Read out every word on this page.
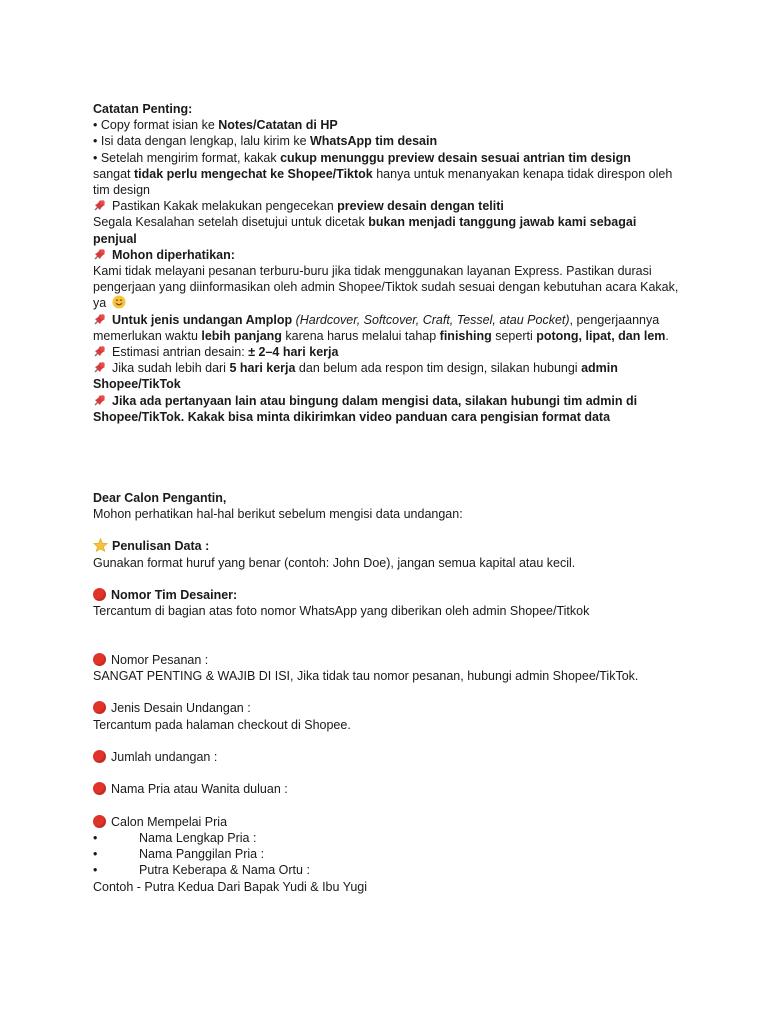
Catatan Penting:
• Copy format isian ke Notes/Catatan di HP
• Isi data dengan lengkap, lalu kirim ke WhatsApp tim desain
• Setelah mengirim format, kakak cukup menunggu preview desain sesuai antrian tim design
sangat tidak perlu mengechat ke Shopee/Tiktok hanya untuk menanyakan kenapa tidak direspon oleh tim design
Pastikan Kakak melakukan pengecekan preview desain dengan teliti
Segala Kesalahan setelah disetujui untuk dicetak bukan menjadi tanggung jawab kami sebagai penjual
Mohon diperhatikan:
Kami tidak melayani pesanan terburu-buru jika tidak menggunakan layanan Express. Pastikan durasi pengerjaan yang diinformasikan oleh admin Shopee/Tiktok sudah sesuai dengan kebutuhan acara Kakak, ya
Untuk jenis undangan Amplop (Hardcover, Softcover, Craft, Tessel, atau Pocket), pengerjaannya memerlukan waktu lebih panjang karena harus melalui tahap finishing seperti potong, lipat, dan lem.
Estimasi antrian desain: ± 2–4 hari kerja
Jika sudah lebih dari 5 hari kerja dan belum ada respon tim design, silakan hubungi admin Shopee/TikTok
Jika ada pertanyaan lain atau bingung dalam mengisi data, silakan hubungi tim admin di Shopee/TikTok. Kakak bisa minta dikirimkan video panduan cara pengisian format data
Dear Calon Pengantin,
Mohon perhatikan hal-hal berikut sebelum mengisi data undangan:
Penulisan Data :
Gunakan format huruf yang benar (contoh: John Doe), jangan semua kapital atau kecil.
Nomor Tim Desainer:
Tercantum di bagian atas foto nomor WhatsApp yang diberikan oleh admin Shopee/Titkok
Nomor Pesanan :
SANGAT PENTING & WAJIB DI ISI, Jika tidak tau nomor pesanan, hubungi admin Shopee/TikTok.
Jenis Desain Undangan :
Tercantum pada halaman checkout di Shopee.
Jumlah undangan :
Nama Pria atau Wanita duluan :
Calon Mempelai Pria
•	Nama Lengkap Pria :
•	Nama Panggilan Pria :
•	Putra Keberapa & Nama Ortu :
Contoh - Putra Kedua Dari Bapak Yudi & Ibu Yugi
